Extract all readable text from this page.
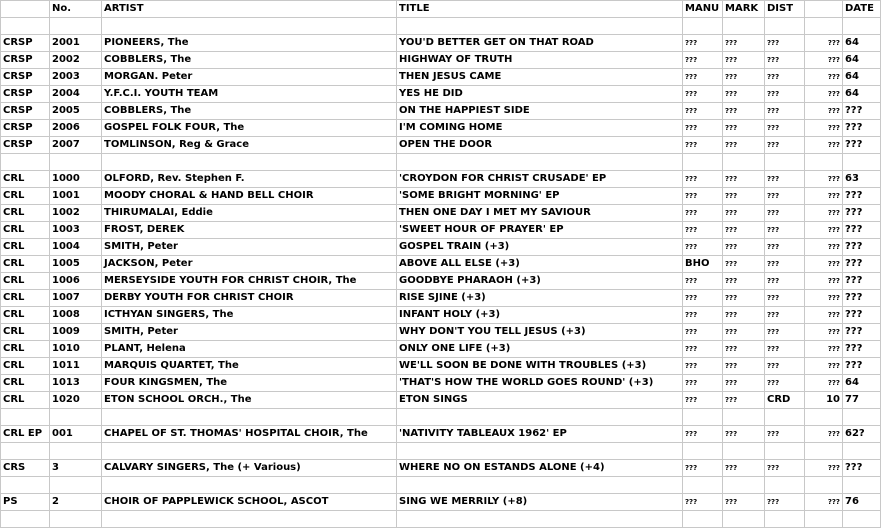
	No.	ARTIST	TITLE	MANU	MARK	DIST		DATE

CRSP	2001	PIONEERS, The	YOU'D BETTER GET ON THAT ROAD	???	???	???	???	64
CRSP	2002	COBBLERS, The	HIGHWAY OF TRUTH	???	???	???	???	64
CRSP	2003	MORGAN. Peter	THEN JESUS CAME	???	???	???	???	64
CRSP	2004	Y.F.C.I. YOUTH TEAM	YES HE DID	???	???	???	???	64
CRSP	2005	COBBLERS, The	ON THE HAPPIEST SIDE	???	???	???	???	???
CRSP	2006	GOSPEL FOLK FOUR, The	I'M COMING HOME	???	???	???	???	???
CRSP	2007	TOMLINSON, Reg & Grace	OPEN THE DOOR	???	???	???	???	???

CRL	1000	OLFORD, Rev. Stephen F.	'CROYDON FOR CHRIST CRUSADE' EP	???	???	???	???	63
CRL	1001	MOODY CHORAL & HAND BELL CHOIR	'SOME BRIGHT MORNING' EP	???	???	???	???	???
CRL	1002	THIRUMALAI, Eddie	THEN ONE DAY I MET MY SAVIOUR	???	???	???	???	???
CRL	1003	FROST, DEREK	'SWEET HOUR OF PRAYER' EP	???	???	???	???	???
CRL	1004	SMITH, Peter	GOSPEL TRAIN (+3)	???	???	???	???	???
CRL	1005	JACKSON, Peter	ABOVE ALL ELSE (+3)	BHO	???	???	???	???
CRL	1006	MERSEYSIDE YOUTH FOR CHRIST CHOIR, The	GOODBYE PHARAOH (+3)	???	???	???	???	???
CRL	1007	DERBY YOUTH FOR CHRIST CHOIR	RISE SJINE (+3)	???	???	???	???	???
CRL	1008	ICTHYAN SINGERS, The	INFANT HOLY (+3)	???	???	???	???	???
CRL	1009	SMITH, Peter	WHY DON'T YOU TELL JESUS (+3)	???	???	???	???	???
CRL	1010	PLANT, Helena	ONLY ONE LIFE (+3)	???	???	???	???	???
CRL	1011	MARQUIS QUARTET, The	WE'LL SOON BE DONE WITH TROUBLES (+3)	???	???	???	???	???
CRL	1013	FOUR KINGSMEN, The	'THAT'S HOW THE WORLD GOES ROUND' (+3)	???	???	???	???	64
CRL	1020	ETON SCHOOL ORCH., The	ETON SINGS	???	???	CRD	10	77

CRL EP	001	CHAPEL OF ST. THOMAS' HOSPITAL CHOIR, The	'NATIVITY TABLEAUX 1962' EP	???	???	???	???	62?

CRS	3	CALVARY SINGERS, The (+ Various)	WHERE NO ON ESTANDS ALONE (+4)	???	???	???	???	???

PS	2	CHOIR OF PAPPLEWICK SCHOOL, ASCOT	SING WE MERRILY (+8)	???	???	???	???	76
